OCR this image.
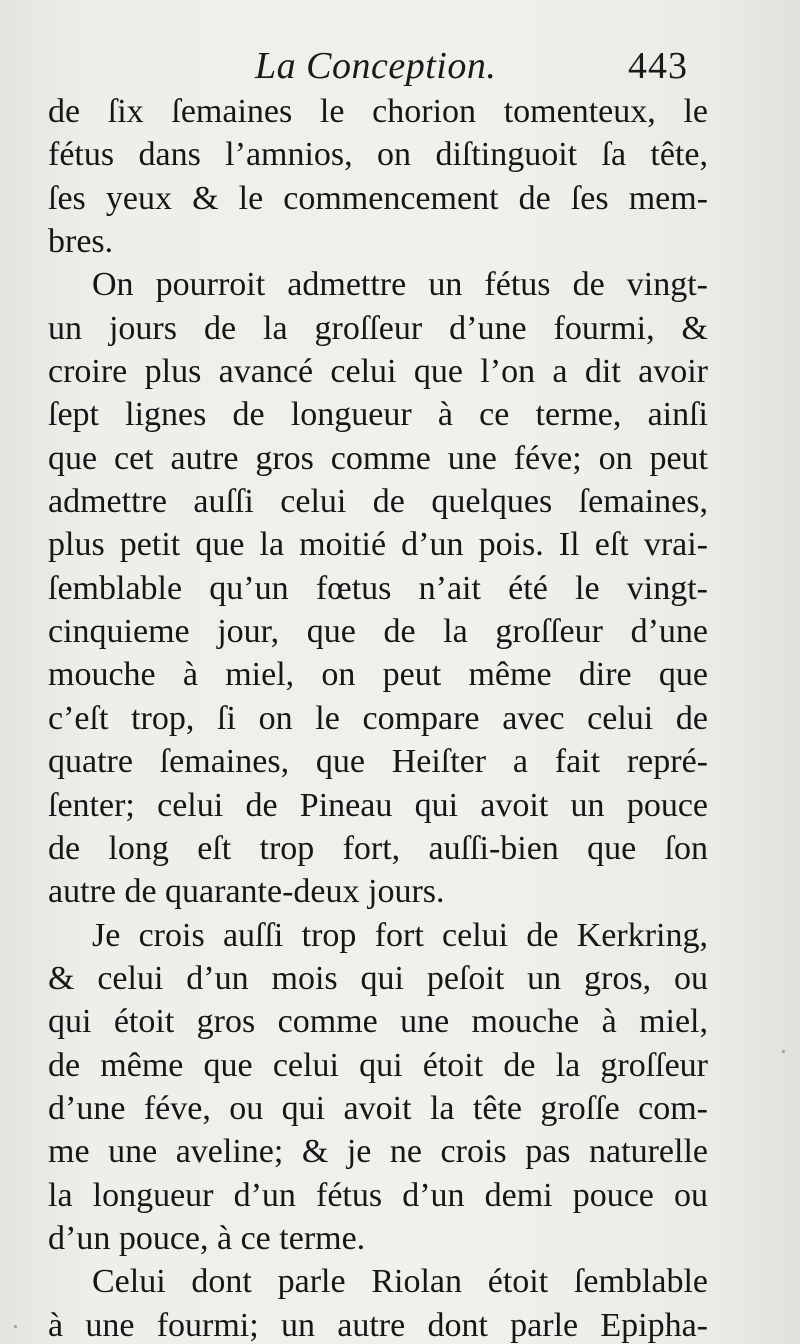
La Conception.	443
de ſix ſemaines le chorion tomenteux, le
fétus dans l’amnios, on diſtinguoit ſa tête,
ſes yeux & le commencement de ſes mem-
bres.
On pourroit admettre un fétus de vingt-
un jours de la groſſeur d’une fourmi, &
croire plus avancé celui que l’on a dit avoir
ſept lignes de longueur à ce terme, ainſi
que cet autre gros comme une féve; on peut
admettre auſſi celui de quelques ſemaines,
plus petit que la moitié d’un pois. Il eſt vrai-
ſemblable qu’un fœtus n’ait été le vingt-
cinquieme jour, que de la groſſeur d’une
mouche à miel, on peut même dire que
c’eſt trop, ſi on le compare avec celui de
quatre ſemaines, que Heiſter a fait repré-
ſenter; celui de Pineau qui avoit un pouce
de long eſt trop fort, auſſi-bien que ſon
autre de quarante-deux jours.
Je crois auſſi trop fort celui de Kerkring,
& celui d’un mois qui peſoit un gros, ou
qui étoit gros comme une mouche à miel,
de même que celui qui étoit de la groſſeur
d’une féve, ou qui avoit la tête groſſe com-
me une aveline; & je ne crois pas naturelle
la longueur d’un fétus d’un demi pouce ou
d’un pouce, à ce terme.
Celui dont parle Riolan étoit ſemblable
à une fourmi; un autre dont parle Epipha-
